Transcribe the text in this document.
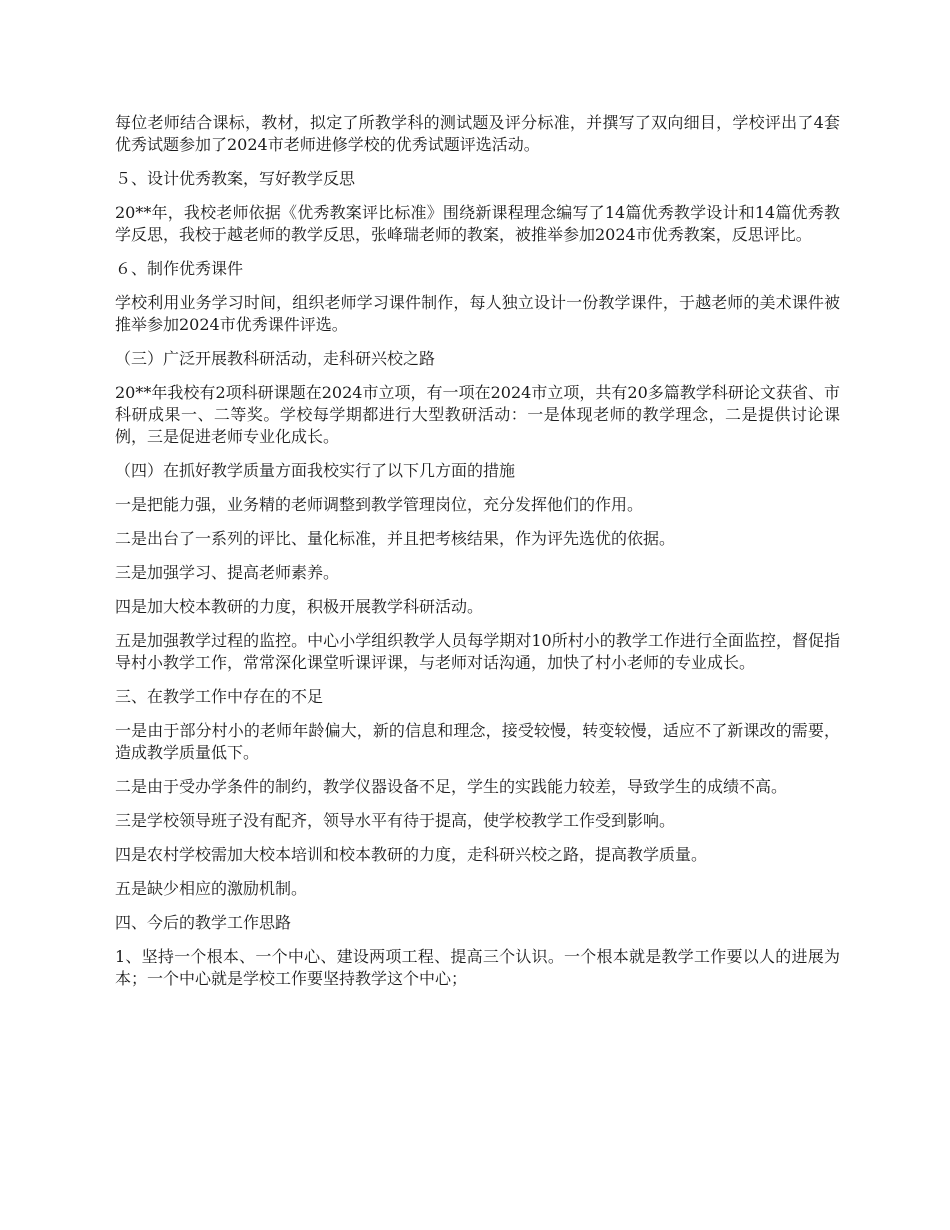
每位老师结合课标，教材，拟定了所教学科的测试题及评分标准，并撰写了双向细目，学校评出了4套优秀试题参加了2024市老师进修学校的优秀试题评选活动。

５、设计优秀教案，写好教学反思

20**年，我校老师依据《优秀教案评比标准》围绕新课程理念编写了14篇优秀教学设计和14篇优秀教学反思，我校于越老师的教学反思，张峰瑞老师的教案，被推举参加2024市优秀教案，反思评比。

６、制作优秀课件

学校利用业务学习时间，组织老师学习课件制作，每人独立设计一份教学课件，于越老师的美术课件被推举参加2024市优秀课件评选。

（三）广泛开展教科研活动，走科研兴校之路

20**年我校有2项科研课题在2024市立项，有一项在2024市立项，共有20多篇教学科研论文获省、市科研成果一、二等奖。学校每学期都进行大型教研活动：一是体现老师的教学理念，二是提供讨论课例，三是促进老师专业化成长。

（四）在抓好教学质量方面我校实行了以下几方面的措施

一是把能力强，业务精的老师调整到教学管理岗位，充分发挥他们的作用。

二是出台了一系列的评比、量化标准，并且把考核结果，作为评先选优的依据。

三是加强学习、提高老师素养。

四是加大校本教研的力度，积极开展教学科研活动。

五是加强教学过程的监控。中心小学组织教学人员每学期对10所村小的教学工作进行全面监控，督促指导村小教学工作，常常深化课堂听课评课，与老师对话沟通，加快了村小老师的专业成长。

三、在教学工作中存在的不足

一是由于部分村小的老师年龄偏大，新的信息和理念，接受较慢，转变较慢，适应不了新课改的需要，造成教学质量低下。

二是由于受办学条件的制约，教学仪器设备不足，学生的实践能力较差，导致学生的成绩不高。

三是学校领导班子没有配齐，领导水平有待于提高，使学校教学工作受到影响。

四是农村学校需加大校本培训和校本教研的力度，走科研兴校之路，提高教学质量。

五是缺少相应的激励机制。

四、今后的教学工作思路

1、坚持一个根本、一个中心、建设两项工程、提高三个认识。一个根本就是教学工作要以人的进展为本；一个中心就是学校工作要坚持教学这个中心；
